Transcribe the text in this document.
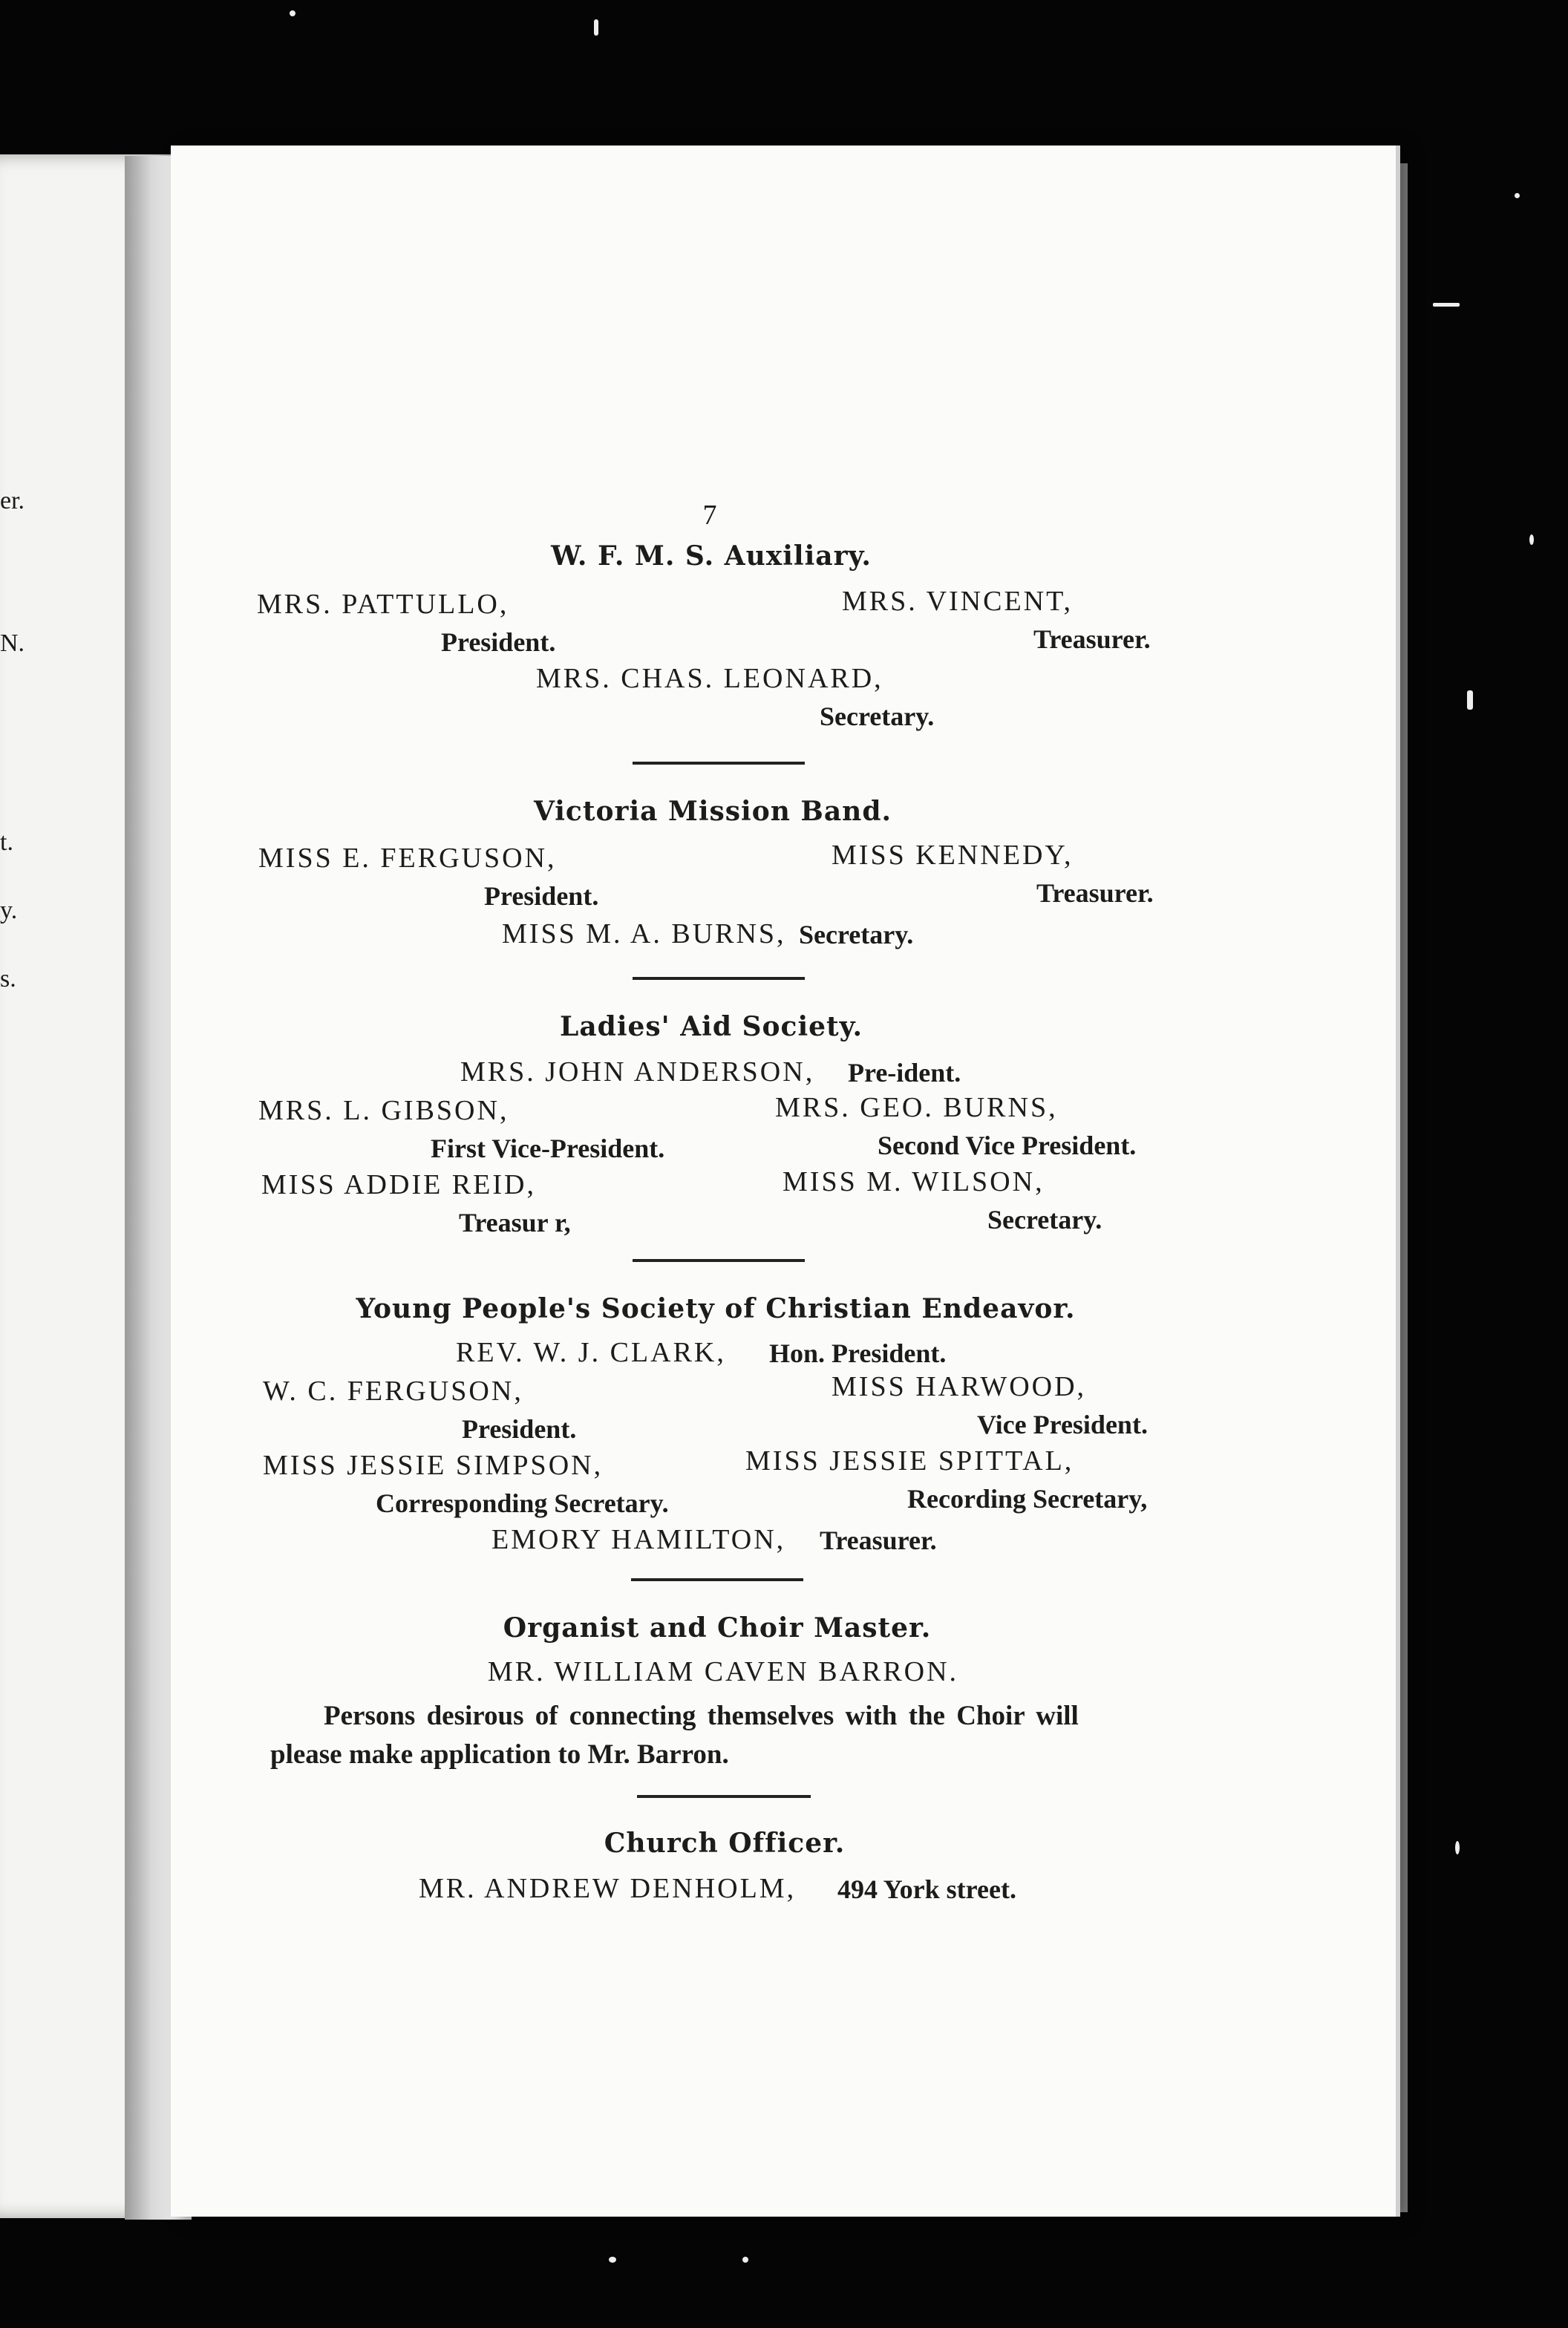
er.
N.
t.
y.
s.
7
W. F. M. S. Auxiliary.
MRS. PATTULLO,
President.
MRS. VINCENT,
Treasurer.
MRS. CHAS. LEONARD,
Secretary.
Victoria Mission Band.
MISS E. FERGUSON,
President.
MISS KENNEDY,
Treasurer.
MISS M. A. BURNS, Secretary.
Ladies' Aid Society.
MRS. JOHN ANDERSON, Pre-ident.
MRS. L. GIBSON,
First Vice-President.
MRS. GEO. BURNS,
Second Vice President.
MISS ADDIE REID,
Treasur r,
MISS M. WILSON,
Secretary.
Young People's Society of Christian Endeavor.
REV. W. J. CLARK, Hon. President.
W. C. FERGUSON,
President.
MISS HARWOOD,
Vice President.
MISS JESSIE SIMPSON,
Corresponding Secretary.
MISS JESSIE SPITTAL,
Recording Secretary,
EMORY HAMILTON, Treasurer.
Organist and Choir Master.
MR. WILLIAM CAVEN BARRON.
Persons desirous of connecting themselves with the Choir will
please make application to Mr. Barron.
Church Officer.
MR. ANDREW DENHOLM, 494 York street.
